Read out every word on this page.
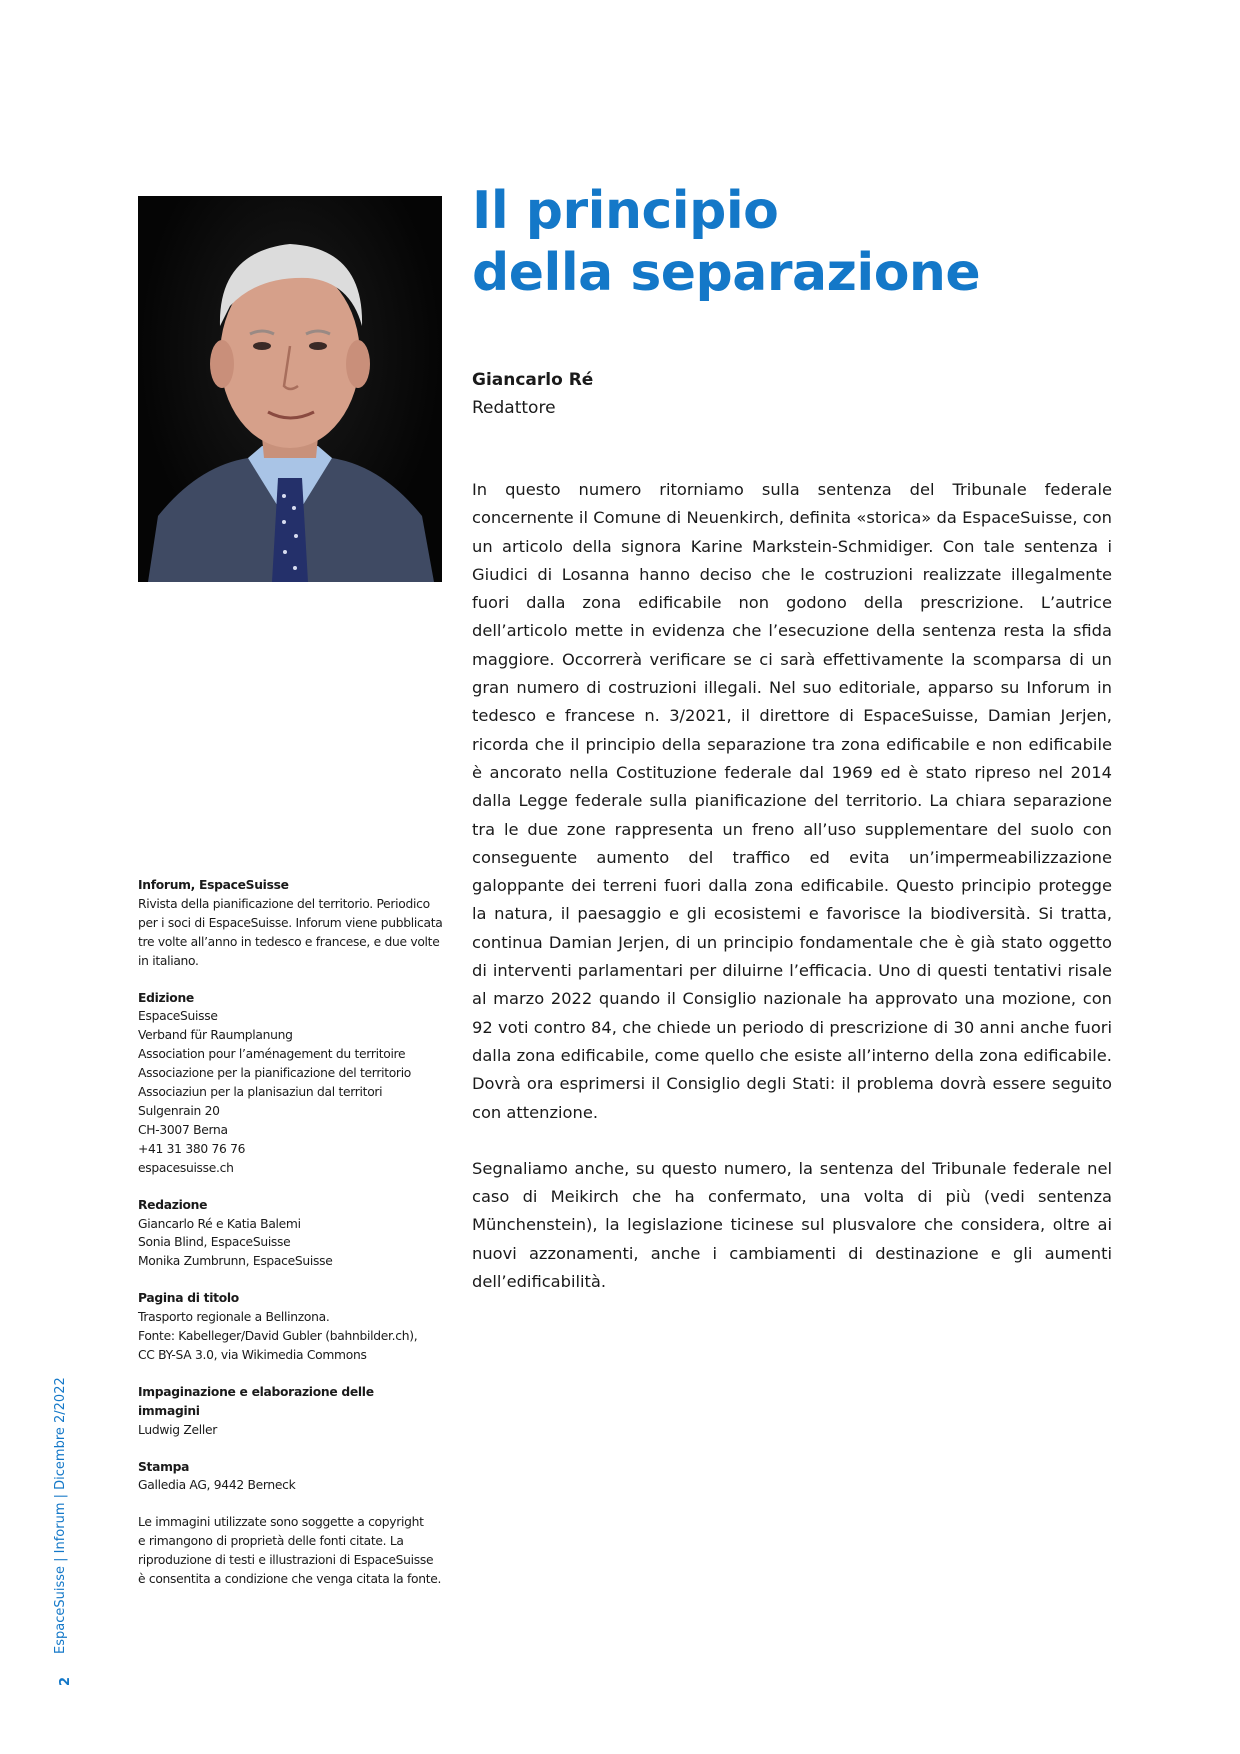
Il principio
della separazione
Giancarlo Ré
Redattore

In questo numero ritorniamo sulla sentenza del Tribunale federale concernente il Comune di Neuenkirch, definita «storica» da EspaceSuisse, con un articolo della signora Karine Markstein-Schmidiger. Con tale sentenza i Giudici di Losanna hanno deciso che le costruzioni realizzate illegalmente fuori dalla zona edificabile non godono della prescrizione. L’autrice dell’articolo mette in evidenza che l’esecuzione della sentenza resta la sfida maggiore. Occorrerà verificare se ci sarà effettivamente la scomparsa di un gran numero di costruzioni illegali. Nel suo editoriale, apparso su Inforum in tedesco e francese n. 3/2021, il direttore di EspaceSuisse, Damian Jerjen, ricorda che il principio della separazione tra zona edificabile e non edificabile è ancorato nella Costituzione federale dal 1969 ed è stato ripreso nel 2014 dalla Legge federale sulla pianificazione del territorio. La chiara separazione tra le due zone rappresenta un freno all’uso supplementare del suolo con conseguente aumento del traffico ed evita un’impermeabilizzazione galoppante dei terreni fuori dalla zona edificabile. Questo principio protegge la natura, il paesaggio e gli ecosistemi e favorisce la biodiversità. Si tratta, continua Damian Jerjen, di un principio fondamentale che è già stato oggetto di interventi parlamentari per diluirne l’efficacia. Uno di questi tentativi risale al marzo 2022 quando il Consiglio nazionale ha approvato una mozione, con 92 voti contro 84, che chiede un periodo di prescrizione di 30 anni anche fuori dalla zona edificabile, come quello che esiste all’interno della zona edificabile. Dovrà ora esprimersi il Consiglio degli Stati: il problema dovrà essere seguito con attenzione.

Segnaliamo anche, su questo numero, la sentenza del Tribunale federale nel caso di Meikirch che ha confermato, una volta di più (vedi sentenza Münchenstein), la legislazione ticinese sul plusvalore che considera, oltre ai nuovi azzonamenti, anche i cambiamenti di destinazione e gli aumenti dell’edificabilità.

Inforum, EspaceSuisse
Rivista della pianificazione del territorio. Periodico
per i soci di EspaceSuisse. Inforum viene pubblicata
tre volte all’anno in tedesco e francese, e due volte
in italiano.
Edizione
EspaceSuisse
Verband für Raumplanung
Association pour l’aménagement du territoire
Associazione per la pianificazione del territorio
Associaziun per la planisaziun dal territori
Sulgenrain 20
CH-3007 Berna
+41 31 380 76 76
espacesuisse.ch
Redazione
Giancarlo Ré e Katia Balemi
Sonia Blind, EspaceSuisse
Monika Zumbrunn, EspaceSuisse
Pagina di titolo
Trasporto regionale a Bellinzona.
Fonte: Kabelleger/David Gubler (bahnbilder.ch),
CC BY-SA 3.0, via Wikimedia Commons
Impaginazione e elaborazione delle immagini
Ludwig Zeller
Stampa
Galledia AG, 9442 Berneck
Le immagini utilizzate sono soggette a copyright
e rimangono di proprietà delle fonti citate. La
riproduzione di testi e illustrazioni di EspaceSuisse
è consentita a condizione che venga citata la fonte.
EspaceSuisse | Inforum | Dicembre 2/2022
2
